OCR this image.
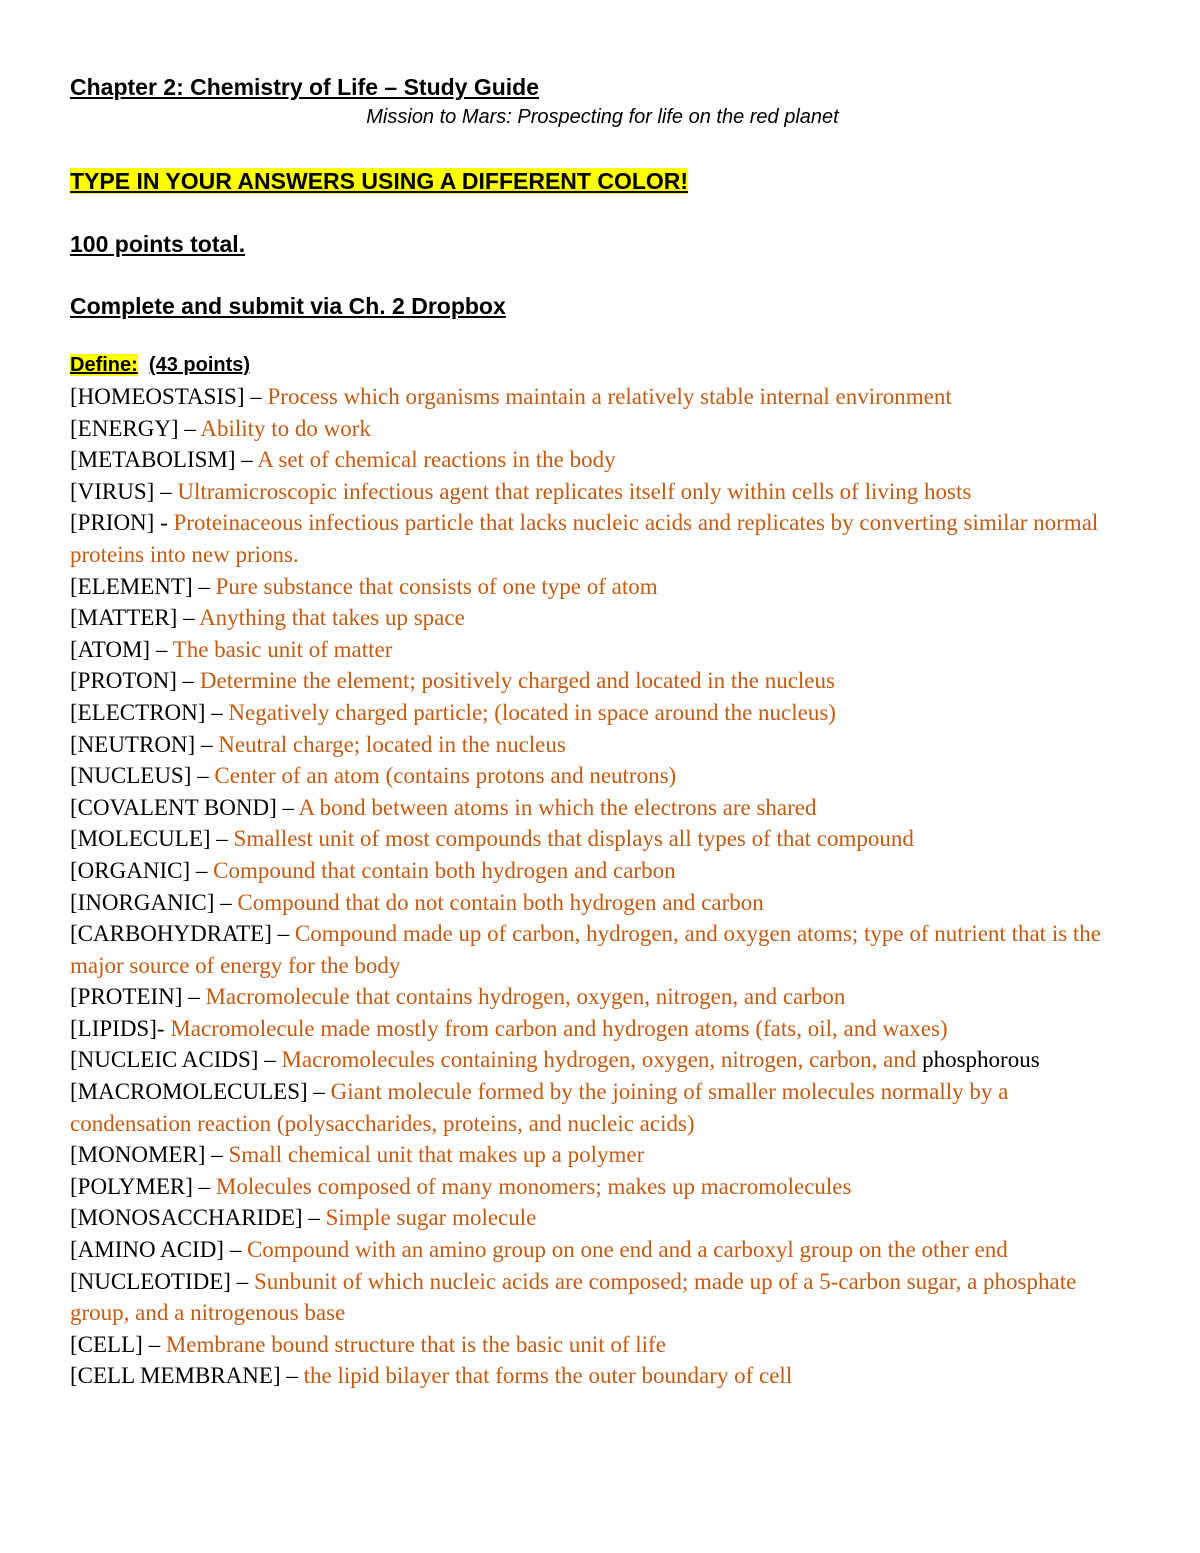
Chapter 2: Chemistry of Life – Study Guide

Mission to Mars: Prospecting for life on the red planet

TYPE IN YOUR ANSWERS USING A DIFFERENT COLOR!
100 points total.
Complete and submit via Ch. 2 Dropbox
Define: (43 points)

[HOMEOSTASIS] – Process which organisms maintain a relatively stable internal environment

[ENERGY] – Ability to do work

[METABOLISM] – A set of chemical reactions in the body

[VIRUS] – Ultramicroscopic infectious agent that replicates itself only within cells of living hosts

[PRION] - Proteinaceous infectious particle that lacks nucleic acids and replicates by converting similar normal proteins into new prions.

[ELEMENT] – Pure substance that consists of one type of atom

[MATTER] – Anything that takes up space

[ATOM] – The basic unit of matter

[PROTON] – Determine the element; positively charged and located in the nucleus

[ELECTRON] – Negatively charged particle; (located in space around the nucleus)

[NEUTRON] – Neutral charge; located in the nucleus

[NUCLEUS] – Center of an atom (contains protons and neutrons)

[COVALENT BOND] – A bond between atoms in which the electrons are shared

[MOLECULE] – Smallest unit of most compounds that displays all types of that compound

[ORGANIC] – Compound that contain both hydrogen and carbon

[INORGANIC] – Compound that do not contain both hydrogen and carbon

[CARBOHYDRATE] – Compound made up of carbon, hydrogen, and oxygen atoms; type of nutrient that is the major source of energy for the body

[PROTEIN] – Macromolecule that contains hydrogen, oxygen, nitrogen, and carbon

[LIPIDS]- Macromolecule made mostly from carbon and hydrogen atoms (fats, oil, and waxes)

[NUCLEIC ACIDS] – Macromolecules containing hydrogen, oxygen, nitrogen, carbon, and phosphorous

[MACROMOLECULES] – Giant molecule formed by the joining of smaller molecules normally by a condensation reaction (polysaccharides, proteins, and nucleic acids)

[MONOMER] – Small chemical unit that makes up a polymer

[POLYMER] – Molecules composed of many monomers; makes up macromolecules

[MONOSACCHARIDE] – Simple sugar molecule

[AMINO ACID] – Compound with an amino group on one end and a carboxyl group on the other end

[NUCLEOTIDE] – Sunbunit of which nucleic acids are composed; made up of a 5-carbon sugar, a phosphate group, and a nitrogenous base

[CELL] – Membrane bound structure that is the basic unit of life

[CELL MEMBRANE] – the lipid bilayer that forms the outer boundary of cell
